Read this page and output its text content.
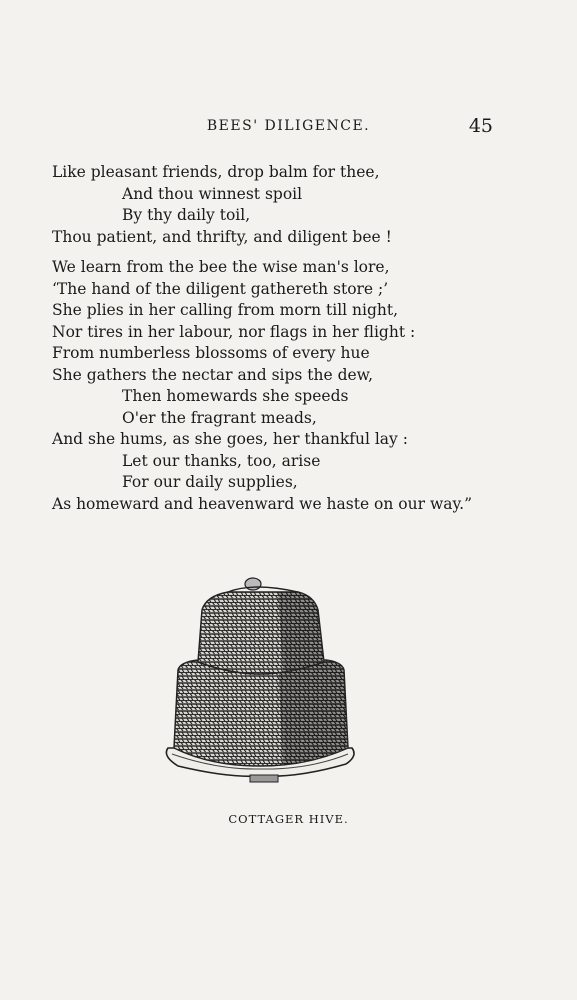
BEES' DILIGENCE.	45
Like pleasant friends, drop balm for thee,
And thou winnest spoil
By thy daily toil,
Thou patient, and thrifty, and diligent bee !
We learn from the bee the wise man's lore,
‘The hand of the diligent gathereth store ;’
She plies in her calling from morn till night,
Nor tires in her labour, nor flags in her flight :
From numberless blossoms of every hue
She gathers the nectar and sips the dew,
Then homewards she speeds
O'er the fragrant meads,
And she hums, as she goes, her thankful lay :
Let our thanks, too, arise
For our daily supplies,
As homeward and heavenward we haste on our way.”
COTTAGER HIVE.
